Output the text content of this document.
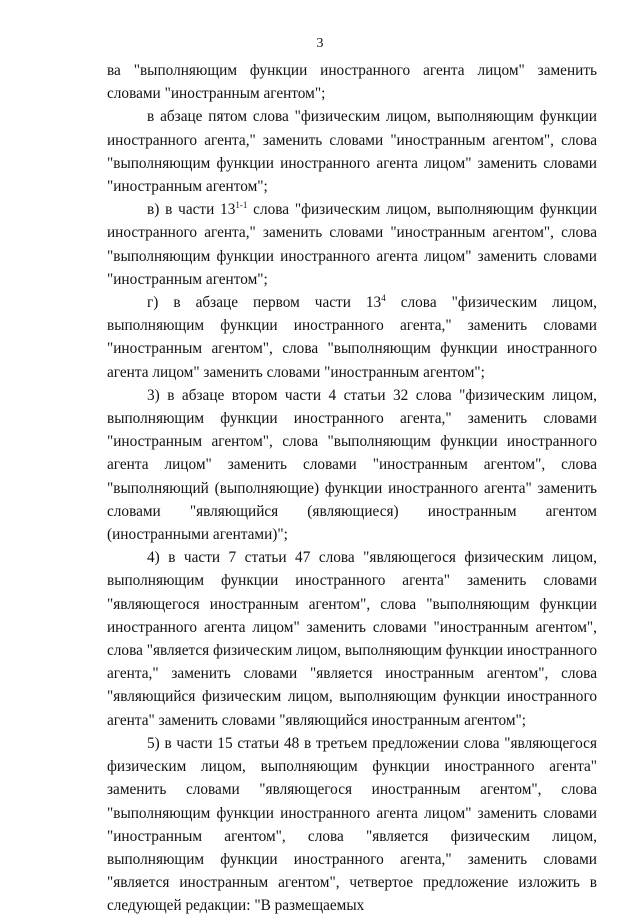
3

ва "выполняющим функции иностранного агента лицом" заменить словами "иностранным агентом";

в абзаце пятом слова "физическим лицом, выполняющим функции иностранного агента," заменить словами "иностранным агентом", слова "выполняющим функции иностранного агента лицом" заменить словами "иностранным агентом";

в) в части 13$^{1-1}$ слова "физическим лицом, выполняющим функции иностранного агента," заменить словами "иностранным агентом", слова "выполняющим функции иностранного агента лицом" заменить словами "иностранным агентом";

г) в абзаце первом части $13^4$ слова "физическим лицом, выполняющим функции иностранного агента," заменить словами "иностранным агентом", слова "выполняющим функции иностранного агента лицом" заменить словами "иностранным агентом";

3) в абзаце втором части 4 статьи 32 слова "физическим лицом, выполняющим функции иностранного агента," заменить словами "иностранным агентом", слова "выполняющим функции иностранного агента лицом" заменить словами "иностранным агентом", слова "выполняющий (выполняющие) функции иностранного агента" заменить словами "являющийся (являющиеся) иностранным агентом (иностранными агентами)";

4) в части 7 статьи 47 слова "являющегося физическим лицом, выполняющим функции иностранного агента" заменить словами "являющегося иностранным агентом", слова "выполняющим функции иностранного агента лицом" заменить словами "иностранным агентом", слова "является физическим лицом, выполняющим функции иностранного агента," заменить словами "является иностранным агентом", слова "являющийся физическим лицом, выполняющим функции иностранного агента" заменить словами "являющийся иностранным агентом";

5) в части 15 статьи 48 в третьем предложении слова "являющегося физическим лицом, выполняющим функции иностранного агента" заменить словами "являющегося иностранным агентом", слова "выполняющим функции иностранного агента лицом" заменить словами "иностранным агентом", слова "является физическим лицом, выполняющим функции иностранного агента," заменить словами "является иностранным агентом", четвертое предложение изложить в следующей редакции: "В размещаемых
